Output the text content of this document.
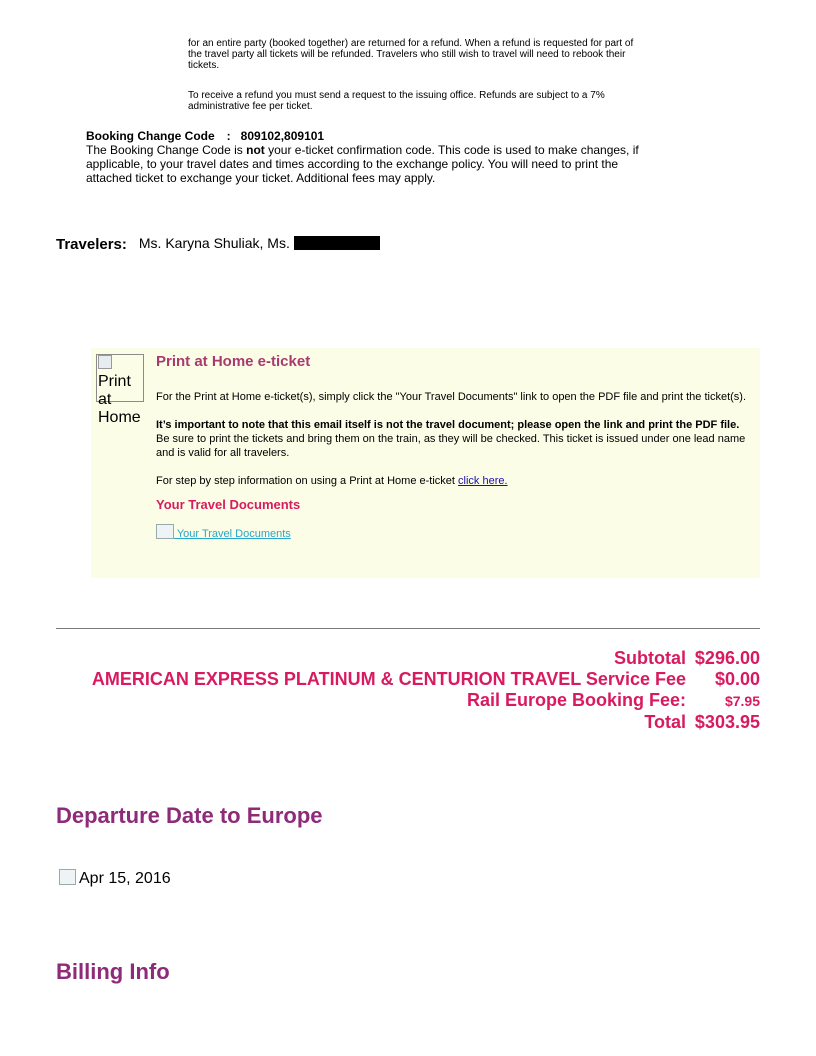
for an entire party (booked together) are returned for a refund. When a refund is requested for part of the travel party all tickets will be refunded. Travelers who still wish to travel will need to rebook their tickets.
To receive a refund you must send a request to the issuing office. Refunds are subject to a 7% administrative fee per ticket.
Booking Change Code : 809102,809101
The Booking Change Code is not your e-ticket confirmation code. This code is used to make changes, if applicable, to your travel dates and times according to the exchange policy. You will need to print the attached ticket to exchange your ticket. Additional fees may apply.
Travelers: Ms. Karyna Shuliak, Ms.
Print at Home
Print at Home e-ticket

For the Print at Home e-ticket(s), simply click the "Your Travel Documents" link to open the PDF file and print the ticket(s).

It’s important to note that this email itself is not the travel document; please open the link and print the PDF file. Be sure to print the tickets and bring them on the train, as they will be checked. This ticket is issued under one lead name and is valid for all travelers.

For step by step information on using a Print at Home e-ticket click here.

Your Travel Documents

Your Travel Documents

Subtotal $296.00
AMERICAN EXPRESS PLATINUM & CENTURION TRAVEL Service Fee $0.00
Rail Europe Booking Fee:	$7.95
Total $303.95
Departure Date to Europe
Apr 15, 2016
Billing Info
